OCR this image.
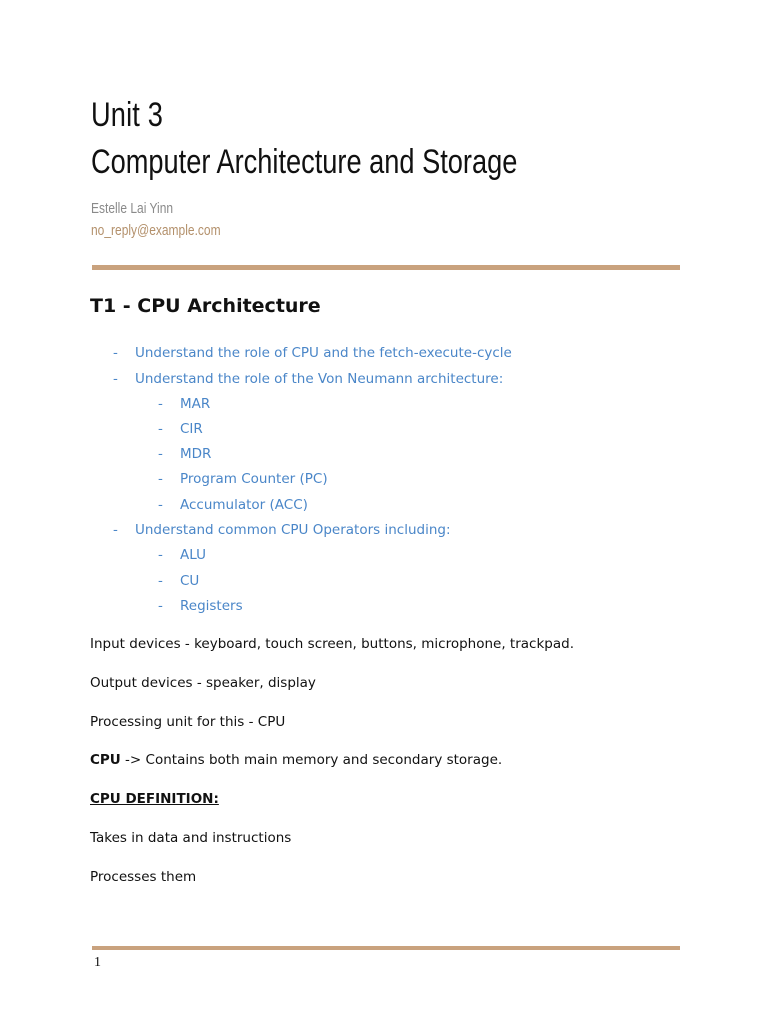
Unit 3
Computer Architecture and Storage
Estelle Lai Yinn
no_reply@example.com
T1 - CPU Architecture
- Understand the role of CPU and the fetch-execute-cycle
- Understand the role of the Von Neumann architecture:
- MAR
- CIR
- MDR
- Program Counter (PC)
- Accumulator (ACC)
- Understand common CPU Operators including:
- ALU
- CU
- Registers

Input devices - keyboard, touch screen, buttons, microphone, trackpad.

Output devices - speaker, display

Processing unit for this - CPU

CPU -> Contains both main memory and secondary storage.

CPU DEFINITION:

Takes in data and instructions

Processes them

1
